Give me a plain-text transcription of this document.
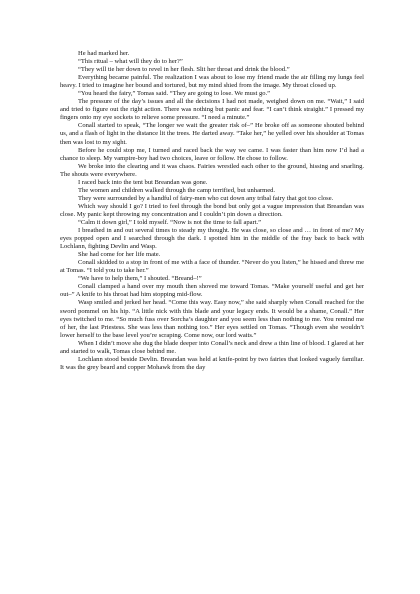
He had marked her.

“This ritual – what will they do to her?”

“They will tie her down to revel in her flesh. Slit her throat and drink the blood.”

Everything became painful. The realization I was about to lose my friend made the air filling my lungs feel heavy. I tried to imagine her bound and tortured, but my mind shied from the image. My throat closed up.

“You heard the fairy,” Tomas said. “They are going to lose. We must go.”

The pressure of the day’s issues and all the decisions I had not made, weighed down on me. “Wait,” I said and tried to figure out the right action. There was nothing but panic and fear. “I can’t think straight.” I pressed my fingers onto my eye sockets to relieve some pressure. “I need a minute.”

Conall started to speak, “The longer we wait the greater risk of–” He broke off as someone shouted behind us, and a flash of light in the distance lit the trees. He darted away. “Take her,” he yelled over his shoulder at Tomas then was lost to my sight.

Before he could stop me, I turned and raced back the way we came. I was faster than him now I’d had a chance to sleep. My vampire-boy had two choices, leave or follow. He chose to follow.

We broke into the clearing and it was chaos. Fairies wrestled each other to the ground, hissing and snarling. The shouts were everywhere.

I raced back into the tent but Breandan was gone.

The women and children walked through the camp terrified, but unharmed.

They were surrounded by a handful of fairy-men who cut down any tribal fairy that got too close.

Which way should I go? I tried to feel through the bond but only got a vague impression that Breandan was close. My panic kept throwing my concentration and I couldn’t pin down a direction.

“Calm it down girl,” I told myself. “Now is not the time to fall apart.”

I breathed in and out several times to steady my thought. He was close, so close and … in front of me? My eyes popped open and I searched through the dark. I spotted him in the middle of the fray back to back with Lochlann, fighting Devlin and Wasp.

She had come for her life mate.

Conall skidded to a stop in front of me with a face of thunder. “Never do you listen,” he hissed and threw me at Tomas. “I told you to take her.”

“We have to help them,” I shouted. “Breand–!”

Conall clamped a hand over my mouth then shoved me toward Tomas. “Make yourself useful and get her out–” A knife to his throat had him stopping mid-flow.

Wasp smiled and jerked her head. “Come this way. Easy now,” she said sharply when Conall reached for the sword pommel on his hip. “A little nick with this blade and your legacy ends. It would be a shame, Conall.” Her eyes twitched to me. “So much fuss over Sorcha’s daughter and you seem less than nothing to me. You remind me of her, the last Priestess. She was less than nothing too.” Her eyes settled on Tomas. “Though even she wouldn’t lower herself to the base level you’re scraping. Come now, our lord waits.”

When I didn’t move she dug the blade deeper into Conall’s neck and drew a thin line of blood. I glared at her and started to walk, Tomas close behind me.

Lochlann stood beside Devlin. Breandan was held at knife-point by two fairies that looked vaguely familiar. It was the grey beard and copper Mohawk from the day
